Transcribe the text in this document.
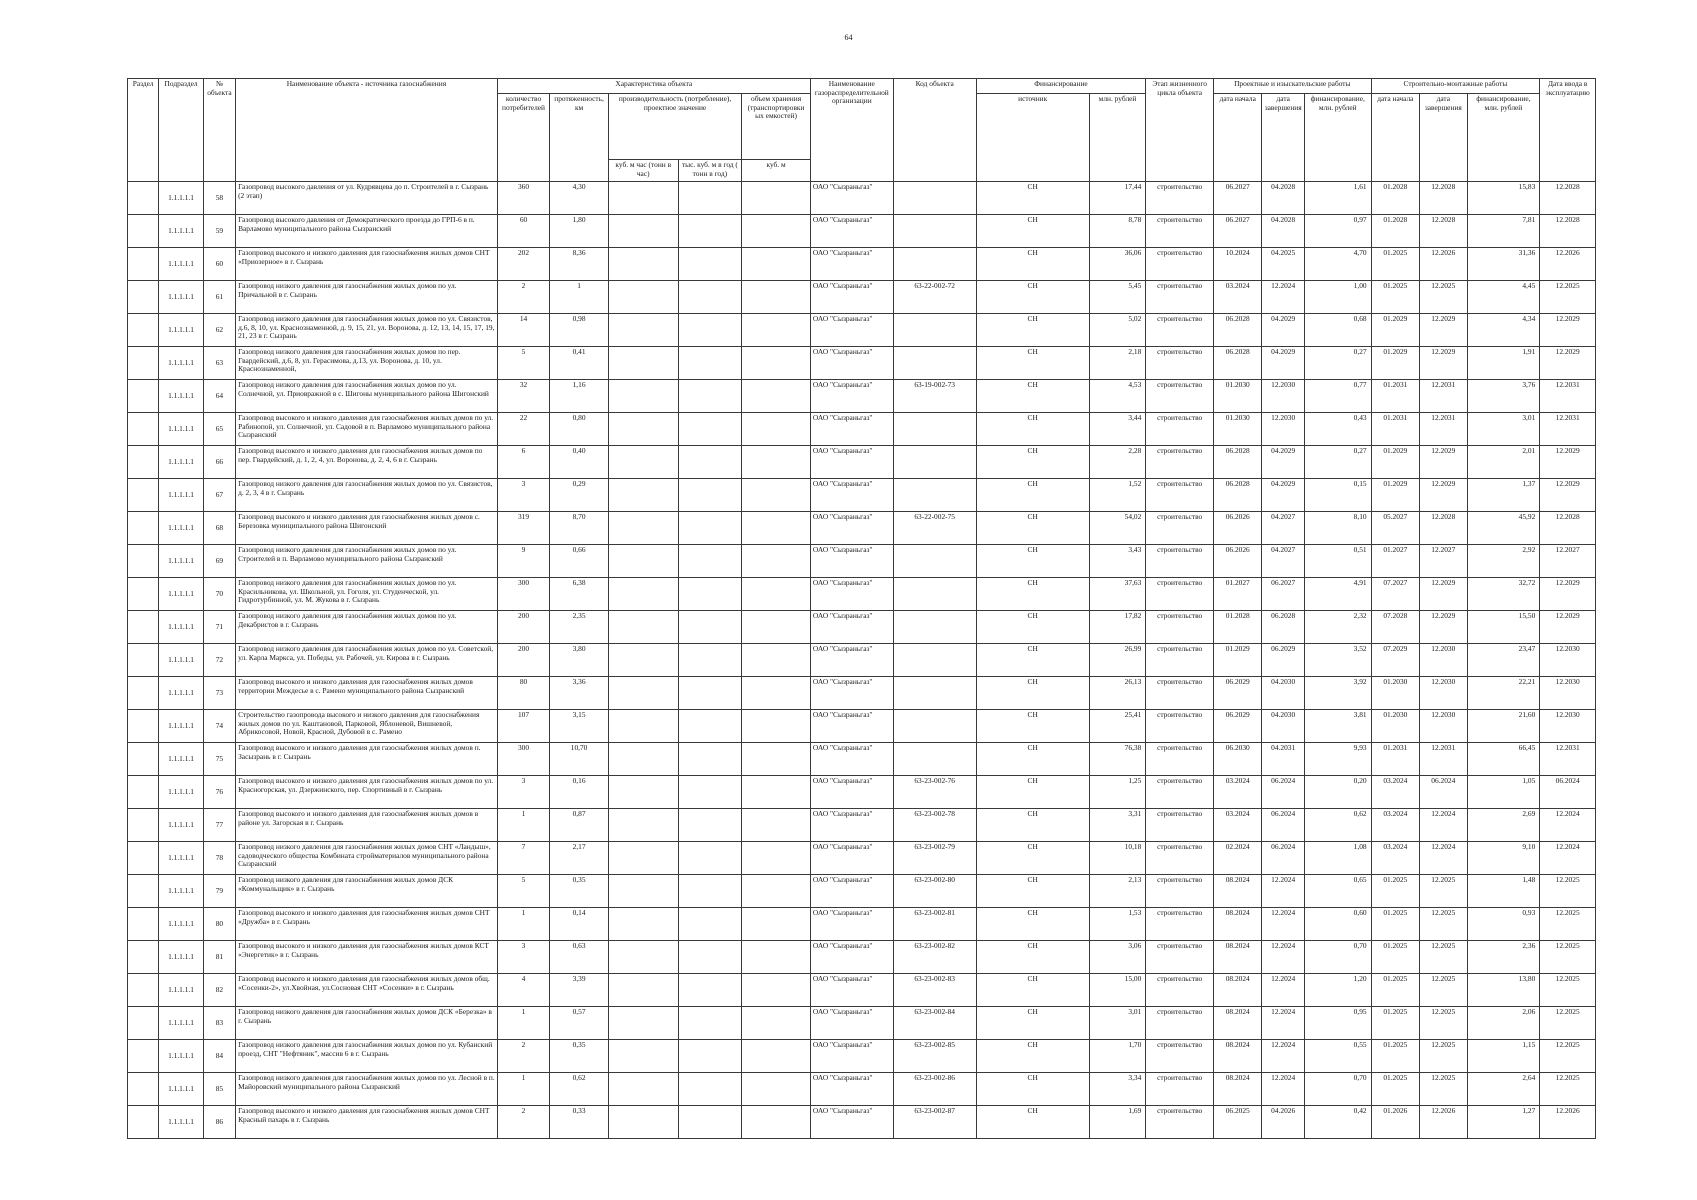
64
Раздел	Подраздел	№ объекта	Наименование объекта - источника газоснабжения	Характеристика объекта					Наименование газораспределительной организации	Код объекта	Финансирование		Этап жизненного цикла объекта	Проектные и изыскательские работы			Строительно-монтажные работы			Дата ввода в эксплуатацию
				количество потребителей	протяженность, км	производительность (потребление), проектное значение		объем хранения (транспортировки ых емкостей)			источник	млн. рублей		дата начала	дата завершения	финансирование, млн. рублей	дата начала	дата завершения	финансирование, млн. рублей	
						куб. м час (тонн в час)	тыс. куб. м в год ( тонн в год)	куб. м												
	1.1.1.1.1	58	Газопровод высокого давления от ул. Кудрявцева до п. Строителей в г. Сызрань (2 этап)	360	4,30				ОАО "Сызраньгаз"		СН	17,44	строительство	06.2027	04.2028	1,61	01.2028	12.2028	15,83	12.2028
	1.1.1.1.1	59	Газопровод высокого давления от Демократического проезда до ГРП-6 в п. Варламово муниципального района Сызранский	60	1,80				ОАО "Сызраньгаз"		СН	8,78	строительство	06.2027	04.2028	0,97	01.2028	12.2028	7,81	12.2028
	1.1.1.1.1	60	Газопровод высокого и низкого давления для газоснабжения жилых домов СНТ «Приозерное» в г. Сызрань	202	8,36				ОАО "Сызраньгаз"		СН	36,06	строительство	10.2024	04.2025	4,70	01.2025	12.2026	31,36	12.2026
	1.1.1.1.1	61	Газопровод низкого давления для газоснабжения жилых домов по ул. Причальной в г. Сызрань	2	1				ОАО "Сызраньгаз"	63-22-002-72	СН	5,45	строительство	03.2024	12.2024	1,00	01.2025	12.2025	4,45	12.2025
	1.1.1.1.1	62	Газопровод низкого давления для газоснабжения жилых домов по ул. Связистов, д.6, 8, 10, ул. Краснознаменной, д. 9, 15, 21, ул. Воронова, д. 12, 13, 14, 15, 17, 19, 21, 23 в г. Сызрань	14	0,98				ОАО "Сызраньгаз"		СН	5,02	строительство	06.2028	04.2029	0,68	01.2029	12.2029	4,34	12.2029
	1.1.1.1.1	63	Газопровод низкого давления для газоснабжения жилых домов по пер. Гвардейский, д.6, 8, ул. Герасимова, д.13, ул. Воронова, д. 10, ул. Краснознаменной,	5	0,41				ОАО "Сызраньгаз"		СН	2,18	строительство	06.2028	04.2029	0,27	01.2029	12.2029	1,91	12.2029
	1.1.1.1.1	64	Газопровод низкого давления для газоснабжения жилых домов по ул. Солнечной, ул. Приовражной в с. Шигоны муниципального района Шигонский	32	1,16				ОАО "Сызраньгаз"	63-19-002-73	СН	4,53	строительство	01.2030	12.2030	0,77	01.2031	12.2031	3,76	12.2031
	1.1.1.1.1	65	Газопровод высокого и низкого давления для газоснабжения жилых домов по ул. Рабинопой, ул. Солнечной, ул. Садовой в п. Варламово муниципального района Сызранский	22	0,80				ОАО "Сызраньгаз"		СН	3,44	строительство	01.2030	12.2030	0,43	01.2031	12.2031	3,01	12.2031
	1.1.1.1.1	66	Газопровод высокого и низкого давления для газоснабжения жилых домов по пер. Гвардейский, д. 1, 2, 4, ул. Воронова, д. 2, 4, 6 в г. Сызрань	6	0,40				ОАО "Сызраньгаз"		СН	2,28	строительство	06.2028	04.2029	0,27	01.2029	12.2029	2,01	12.2029
	1.1.1.1.1	67	Газопровод низкого давления для газоснабжения жилых домов по ул. Связистов, д. 2, 3, 4 в г. Сызрань	3	0,29				ОАО "Сызраньгаз"		СН	1,52	строительство	06.2028	04.2029	0,15	01.2029	12.2029	1,37	12.2029
	1.1.1.1.1	68	Газопровод высокого и низкого давления для газоснабжения жилых домов с. Березовка муниципального района Шигонский	319	8,70				ОАО "Сызраньгаз"	63-22-002-75	СН	54,02	строительство	06.2026	04.2027	8,10	05.2027	12.2028	45,92	12.2028
	1.1.1.1.1	69	Газопровод низкого давления для газоснабжения жилых домов по ул. Строителей в п. Варламово муниципального района Сызранский	9	0,66				ОАО "Сызраньгаз"		СН	3,43	строительство	06.2026	04.2027	0,51	01.2027	12.2027	2,92	12.2027
	1.1.1.1.1	70	Газопровод низкого давления для газоснабжения жилых домов по ул. Красильникова, ул. Школьной, ул. Гоголя, ул. Студенческой, ул. Гидротурбинной, ул. М. Жукова в г. Сызрань	300	6,38				ОАО "Сызраньгаз"		СН	37,63	строительство	01.2027	06.2027	4,91	07.2027	12.2029	32,72	12.2029
	1.1.1.1.1	71	Газопровод низкого давления для газоснабжения жилых домов по ул. Декабристов в г. Сызрань	200	2,35				ОАО "Сызраньгаз"		СН	17,82	строительство	01.2028	06.2028	2,32	07.2028	12.2029	15,50	12.2029
	1.1.1.1.1	72	Газопровод низкого давления для газоснабжения жилых домов по ул. Советской, ул. Карла Маркса, ул. Победы, ул. Рабочей, ул. Кирова в г. Сызрань	200	3,80				ОАО "Сызраньгаз"		СН	26,99	строительство	01.2029	06.2029	3,52	07.2029	12.2030	23,47	12.2030
	1.1.1.1.1	73	Газопровод высокого и низкого давления для газоснабжения жилых домов территории Междесье в с. Рамено муниципального района Сызранский	80	3,36				ОАО "Сызраньгаз"		СН	26,13	строительство	06.2029	04.2030	3,92	01.2030	12.2030	22,21	12.2030
	1.1.1.1.1	74	Строительство газопровода высокого и низкого давления для газоснабжения жилых домов по ул. Каштановой, Парковой, Яблоневой, Вишневой, Абрикосовой, Новой, Красной, Дубовой в с. Рамено	107	3,15				ОАО "Сызраньгаз"		СН	25,41	строительство	06.2029	04.2030	3,81	01.2030	12.2030	21,60	12.2030
	1.1.1.1.1	75	Газопровод высокого и низкого давления для газоснабжения жилых домов п. Засызрань в г. Сызрань	300	10,70				ОАО "Сызраньгаз"		СН	76,38	строительство	06.2030	04.2031	9,93	01.2031	12.2031	66,45	12.2031
	1.1.1.1.1	76	Газопровод высокого и низкого давления для газоснабжения жилых домов по ул. Красногорская, ул. Дзержинского, пер. Спортивный в г. Сызрань	3	0,16				ОАО "Сызраньгаз"	63-23-002-76	СН	1,25	строительство	03.2024	06.2024	0,20	03.2024	06.2024	1,05	06.2024
	1.1.1.1.1	77	Газопровод высокого и низкого давления для газоснабжения жилых домов в районе ул. Загорская в г. Сызрань	1	0,87				ОАО "Сызраньгаз"	63-23-002-78	СН	3,31	строительство	03.2024	06.2024	0,62	03.2024	12.2024	2,69	12.2024
	1.1.1.1.1	78	Газопровод низкого давления для газоснабжения жилых домов СНТ «Ландыш», садоводческого общества Комбината стройматериалов муниципального района Сызранский	7	2,17				ОАО "Сызраньгаз"	63-23-002-79	СН	10,18	строительство	02.2024	06.2024	1,08	03.2024	12.2024	9,10	12.2024
	1.1.1.1.1	79	Газопровод низкого давления для газоснабжения жилых домов ДСК «Коммунальщик» в г. Сызрань	5	0,35				ОАО "Сызраньгаз"	63-23-002-80	СН	2,13	строительство	08.2024	12.2024	0,65	01.2025	12.2025	1,48	12.2025
	1.1.1.1.1	80	Газопровод высокого и низкого давления для газоснабжения жилых домов СНТ «Дружба» в г. Сызрань	1	0,14				ОАО "Сызраньгаз"	63-23-002-81	СН	1,53	строительство	08.2024	12.2024	0,60	01.2025	12.2025	0,93	12.2025
	1.1.1.1.1	81	Газопровод высокого и низкого давления для газоснабжения жилых домов КСТ «Энергетик» в г. Сызрань	3	0,63				ОАО "Сызраньгаз"	63-23-002-82	СН	3,06	строительство	08.2024	12.2024	0,70	01.2025	12.2025	2,36	12.2025
	1.1.1.1.1	82	Газопровод высокого и низкого давления для газоснабжения жилых домов общ. «Сосенки-2», ул.Хвойная, ул.Сосновая СНТ «Сосенки» в г. Сызрань	4	3,39				ОАО "Сызраньгаз"	63-23-002-83	СН	15,00	строительство	08.2024	12.2024	1,20	01.2025	12.2025	13,80	12.2025
	1.1.1.1.1	83	Газопровод низкого давления для газоснабжения жилых домов ДСК «Березка» в г. Сызрань	1	0,57				ОАО "Сызраньгаз"	63-23-002-84	СН	3,01	строительство	08.2024	12.2024	0,95	01.2025	12.2025	2,06	12.2025
	1.1.1.1.1	84	Газопровод низкого давления для газоснабжения жилых домов по ул. Кубанский проезд, СНТ "Нефтяник", массив 6 в г. Сызрань	2	0,35				ОАО "Сызраньгаз"	63-23-002-85	СН	1,70	строительство	08.2024	12.2024	0,55	01.2025	12.2025	1,15	12.2025
	1.1.1.1.1	85	Газопровод низкого давления для газоснабжения жилых домов по ул. Лесной в п. Майоровский муниципального района Сызранский	1	0,62				ОАО "Сызраньгаз"	63-23-002-86	СН	3,34	строительство	08.2024	12.2024	0,70	01.2025	12.2025	2,64	12.2025
	1.1.1.1.1	86	Газопровод высокого и низкого давления для газоснабжения жилых домов СНТ Красный пахарь в г. Сызрань	2	0,33				ОАО "Сызраньгаз"	63-23-002-87	СН	1,69	строительство	06.2025	04.2026	0,42	01.2026	12.2026	1,27	12.2026
